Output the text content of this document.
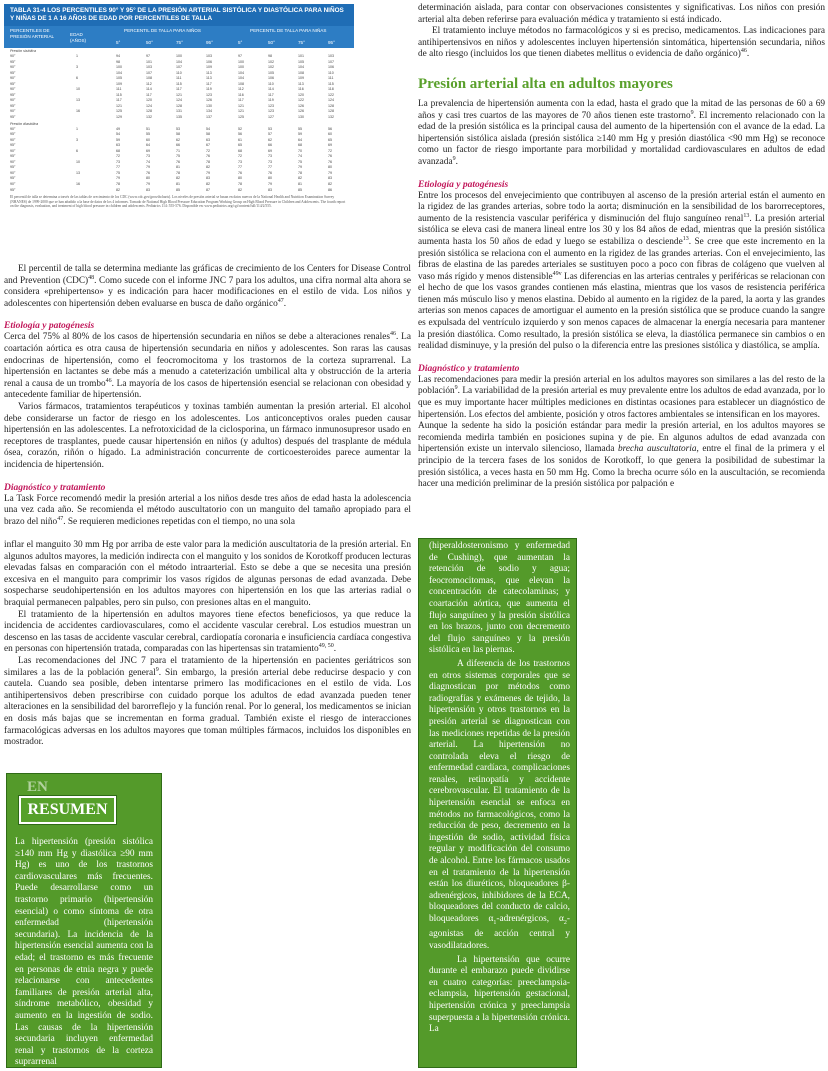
TABLA 31-4 LOS PERCENTILES 90° Y 95° DE LA PRESIÓN ARTERIAL SISTÓLICA Y DIASTÓLICA PARA NIÑOS Y NIÑAS DE 1 A 16 AÑOS DE EDAD POR PERCENTILES DE TALLA
PERCENTILES DE PRESIÓN ARTERIAL	EDAD (AÑOS)
PERCENTIL DE TALLA PARA NIÑOS	PERCENTIL DE TALLA PARA NIÑAS
5°	50°	75°	95°	5°	50°	75°	95°
Presión sistólica
90°	1	94	97	100	103	97	98	101	103
95°	98	101	104	106	100	102	105	107
90°	3	100	103	107	109	100	102	104	106
95°	104	107	110	113	104	105	108	110
90°	6	105	108	111	113	104	106	109	111
95°	109	112	115	117	108	110	113	115
90°	10	111	114	117	119	112	114	116	118
95°	115	117	121	123	116	117	120	122
90°	13	117	120	124	126	117	119	122	124
95°	121	124	128	130	121	123	126	128
90°	16	125	128	131	134	121	123	126	128
95°	129	132	135	137	125	127	130	132
Presión diastólica
90°	1	49	51	53	54	52	53	55	56
95°	54	55	58	58	56	57	59	60
90°	3	59	60	62	63	61	62	64	65
95°	63	64	66	67	65	66	68	69
90°	6	68	69	71	72	68	69	70	72
95°	72	73	75	76	72	73	74	76
90°	10	73	74	76	78	73	73	75	76
95°	77	79	81	82	77	77	79	80
90°	13	75	76	78	79	76	76	78	79
95°	79	80	82	83	80	80	82	83
90°	16	78	79	81	82	78	79	81	82
95°	82	83	85	87	82	83	85	86
El percentil de talla se determina a través de las tablas de crecimiento de los CDC (www.cdc.gov/growthcharts). Los niveles de presión arterial se basan en datos nuevos de la National Health and Nutrition Examination Survey (NHANES) de 1999-2000 que se han añadido a la base de datos de los 4 informes. Tomado de National High Blood Pressure Education Program Working Group on High Blood Pressure in Children and Adolescents. The fourth report on the diagnosis, evaluation, and treatment of high blood pressure in children and adolescents. Pediatrics 114: 555-576. Disponible en: www.pediatrics.org/cgi/content/full/114/2/555.

El percentil de talla se determina mediante las gráficas de crecimiento de los Centers for Disease Control and Prevention (CDC)$^{48}$. Como sucede con el informe JNC 7 para los adultos, una cifra normal alta ahora se considera «prehipertenso» y es indicación para hacer modificaciones en el estilo de vida. Los niños y adolescentes con hipertensión deben evaluarse en busca de daño orgánico$^{47}$.

Etiología y patogénesis

Cerca del 75% al 80% de los casos de hipertensión secundaria en niños se debe a alteraciones renales$^{46}$. La coartación aórtica es otra causa de hipertensión secundaria en niños y adolescentes. Son raras las causas endocrinas de hipertensión, como el feocromocitoma y los trastornos de la corteza suprarrenal. La hipertensión en lactantes se debe más a menudo a cateterización umbilical alta y obstrucción de la arteria renal a causa de un trombo$^{46}$. La mayoría de los casos de hipertensión esencial se relacionan con obesidad y antecedente familiar de hipertensión.

Varios fármacos, tratamientos terapéuticos y toxinas también aumentan la presión arterial. El alcohol debe considerarse un factor de riesgo en los adolescentes. Los anticonceptivos orales pueden causar hipertensión en las adolescentes. La nefrotoxicidad de la ciclosporina, un fármaco inmunosupresor usado en receptores de trasplantes, puede causar hipertensión en niños (y adultos) después del trasplante de médula ósea, corazón, riñón o hígado. La administración concurrente de corticoesteroides parece aumentar la incidencia de hipertensión.

Diagnóstico y tratamiento

La Task Force recomendó medir la presión arterial a los niños desde tres años de edad hasta la adolescencia una vez cada año. Se recomienda el método auscultatorio con un manguito del tamaño apropiado para el brazo del niño$^{47}$. Se requieren mediciones repetidas con el tiempo, no una sola

determinación aislada, para contar con observaciones consistentes y significativas. Los niños con presión arterial alta deben referirse para evaluación médica y tratamiento si está indicado.

El tratamiento incluye métodos no farmacológicos y si es preciso, medicamentos. Las indicaciones para antihipertensivos en niños y adolescentes incluyen hipertensión sintomática, hipertensión secundaria, niños de alto riesgo (incluidos los que tienen diabetes mellitus o evidencia de daño orgánico)$^{46}$.

Presión arterial alta en adultos mayores

La prevalencia de hipertensión aumenta con la edad, hasta el grado que la mitad de las personas de 60 a 69 años y casi tres cuartos de las mayores de 70 años tienen este trastorno$^9$. El incremento relacionado con la edad de la presión sistólica es la principal causa del aumento de la hipertensión con el avance de la edad. La hipertensión sistólica aislada (presión sistólica ≥140 mm Hg y presión diastólica <90 mm Hg) se reconoce como un factor de riesgo importante para morbilidad y mortalidad cardiovasculares en adultos de edad avanzada$^9$.

Etiología y patogénesis

Entre los procesos del envejecimiento que contribuyen al ascenso de la presión arterial están el aumento en la rigidez de las grandes arterias, sobre todo la aorta; disminución en la sensibilidad de los barorreceptores, aumento de la resistencia vascular periférica y disminución del flujo sanguíneo renal$^{13}$. La presión arterial sistólica se eleva casi de manera lineal entre los 30 y los 84 años de edad, mientras que la presión sistólica aumenta hasta los 50 años de edad y luego se estabiliza o desciende$^{13}$. Se cree que este incremento en la presión sistólica se relaciona con el aumento en la rigidez de las grandes arterias. Con el envejecimiento, las fibras de elastina de las paredes arteriales se sustituyen poco a poco con fibras de colágeno que vuelven al vaso más rígido y menos distensible$^{49v}$ Las diferencias en las arterias centrales y periféricas se relacionan con el hecho de que los vasos grandes contienen más elastina, mientras que los vasos de resistencia periférica tienen más músculo liso y menos elastina. Debido al aumento en la rigidez de la pared, la aorta y las grandes arterias son menos capaces de amortiguar el aumento en la presión sistólica que se produce cuando la sangre es expulsada del ventrículo izquierdo y son menos capaces de almacenar la energía necesaria para mantener la presión diastólica. Como resultado, la presión sistólica se eleva, la diastólica permanece sin cambios o en realidad disminuye, y la presión del pulso o la diferencia entre las presiones sistólica y diastólica, se amplía.

Diagnóstico y tratamiento

Las recomendaciones para medir la presión arterial en los adultos mayores son similares a las del resto de la población$^9$. La variabilidad de la presión arterial es muy prevalente entre los adultos de edad avanzada, por lo que es muy importante hacer múltiples mediciones en distintas ocasiones para establecer un diagnóstico de hipertensión. Los efectos del ambiente, posición y otros factores ambientales se intensifican en los mayores.

Aunque la sedente ha sido la posición estándar para medir la presión arterial, en los adultos mayores se recomienda medirla también en posiciones supina y de pie. En algunos adultos de edad avanzada con hipertensión existe un intervalo silencioso, llamada brecha auscultatoria, entre el final de la primera y el principio de la tercera fases de los sonidos de Korotkoff, lo que genera la posibilidad de subestimar la presión sistólica, a veces hasta en 50 mm Hg. Como la brecha ocurre sólo en la auscultación, se recomienda hacer una medición preliminar de la presión sistólica por palpación e

inflar el manguito 30 mm Hg por arriba de este valor para la medición auscultatoria de la presión arterial. En algunos adultos mayores, la medición indirecta con el manguito y los sonidos de Korotkoff producen lecturas elevadas falsas en comparación con el método intraarterial. Esto se debe a que se necesita una presión excesiva en el manguito para comprimir los vasos rígidos de algunas personas de edad avanzada. Debe sospecharse seudohipertensión en los adultos mayores con hipertensión en los que las arterias radial o braquial permanecen palpables, pero sin pulso, con presiones altas en el manguito.

El tratamiento de la hipertensión en adultos mayores tiene efectos beneficiosos, ya que reduce la incidencia de accidentes cardiovasculares, como el accidente vascular cerebral. Los estudios muestran un descenso en las tasas de accidente vascular cerebral, cardiopatía coronaria e insuficiencia cardíaca congestiva en personas con hipertensión tratada, comparadas con las hipertensas sin tratamiento$^{49, 50}$.

Las recomendaciones del JNC 7 para el tratamiento de la hipertensión en pacientes geriátricos son similares a las de la población general$^9$. Sin embargo, la presión arterial debe reducirse despacio y con cautela. Cuando sea posible, deben intentarse primero las modificaciones en el estilo de vida. Los antihipertensivos deben prescribirse con cuidado porque los adultos de edad avanzada pueden tener alteraciones en la sensibilidad del barorreflejo y la función renal. Por lo general, los medicamentos se inician en dosis más bajas que se incrementan en forma gradual. También existe el riesgo de interacciones farmacológicas adversas en los adultos mayores que toman múltiples fármacos, incluidos los disponibles en mostrador.

EN
RESUMEN

La hipertensión (presión sistólica ≥140 mm Hg y diastólica ≥90 mm Hg) es uno de los trastornos cardiovasculares más frecuentes. Puede desarrollarse como un trastorno primario (hipertensión esencial) o como síntoma de otra enfermedad (hipertensión secundaria). La incidencia de la hipertensión esencial aumenta con la edad; el trastorno es más frecuente en personas de etnia negra y puede relacionarse con antecedentes familiares de presión arterial alta, síndrome metabólico, obesidad y aumento en la ingestión de sodio. Las causas de la hipertensión secundaria incluyen enfermedad renal y trastornos de la corteza suprarrenal

(hiperaldosteronismo y enfermedad de Cushing), que aumentan la retención de sodio y agua; feocromocitomas, que elevan la concentración de catecolaminas; y coartación aórtica, que aumenta el flujo sanguíneo y la presión sistólica en los brazos, junto con decremento del flujo sanguíneo y la presión sistólica en las piernas.

A diferencia de los trastornos en otros sistemas corporales que se diagnostican por métodos como radiografías y exámenes de tejido, la hipertensión y otros trastornos en la presión arterial se diagnostican con las mediciones repetidas de la presión arterial. La hipertensión no controlada eleva el riesgo de enfermedad cardíaca, complicaciones renales, retinopatía y accidente cerebrovascular. El tratamiento de la hipertensión esencial se enfoca en métodos no farmacológicos, como la reducción de peso, decremento en la ingestión de sodio, actividad física regular y modificación del consumo de alcohol. Entre los fármacos usados en el tratamiento de la hipertensión están los diuréticos, bloqueadores β-adrenérgicos, inhibidores de la ECA, bloqueadores del conducto de calcio, bloqueadores $\alpha_1$-adrenérgicos, $\alpha_2$-agonistas de acción central y vasodilatadores.

La hipertensión que ocurre durante el embarazo puede dividirse en cuatro categorías: preeclampsia-eclampsia, hipertensión gestacional, hipertensión crónica y preeclampsia superpuesta a la hipertensión crónica. La
